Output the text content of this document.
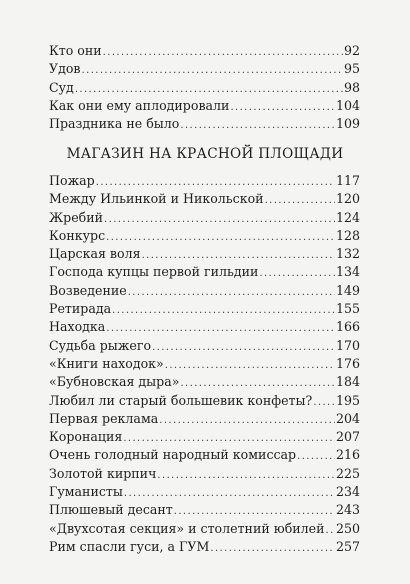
Кто они .....	92
Удов .....	95
Суд .....	98
Как они ему аплодировали .....	104
Праздника не было .....	109
МАГАЗИН НА КРАСНОЙ ПЛОЩАДИ
Пожар .....	117
Между Ильинкой и Никольской .....	120
Жребий .....	124
Конкурс .....	128
Царская воля .....	132
Господа купцы первой гильдии .....	134
Возведение .....	149
Ретирада .....	155
Находка .....	166
Судьба рыжего .....	170
«Книги находок» .....	176
«Бубновская дыра» .....	184
Любил ли старый большевик конфеты? ..... 195
Первая реклама .....	204
Коронация .....	207
Очень голодный народный комиссар .....	216
Золотой кирпич .....	225
Гуманисты .....	234
Плюшевый десант .....	243
«Двухсотая секция» и столетний юбилей ..... 250
Рим спасли гуси, а ГУМ .....	257
